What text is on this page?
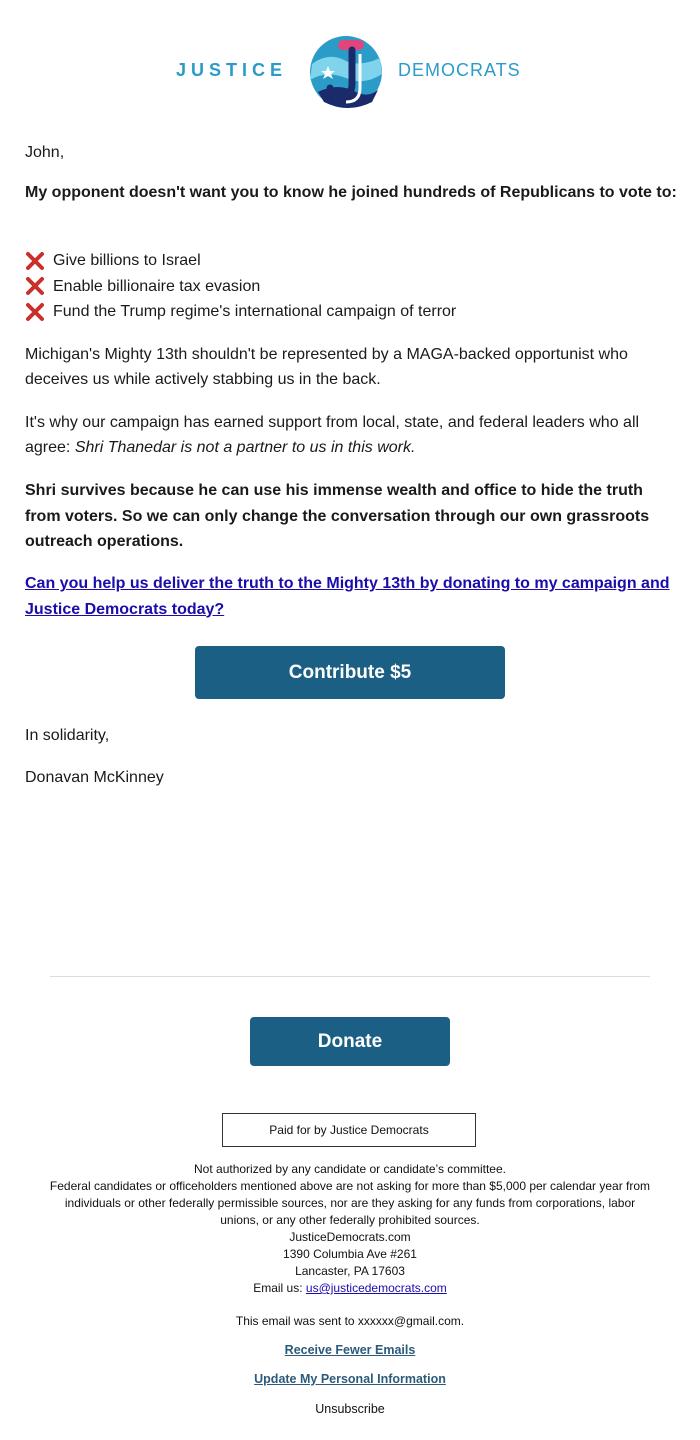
JUSTICE	DEMOCRATS

John,

My opponent doesn't want you to know he joined hundreds of Republicans to vote to:

Give billions to Israel
Enable billionaire tax evasion
Fund the Trump regime's international campaign of terror

Michigan's Mighty 13th shouldn't be represented by a MAGA-backed opportunist who deceives us while actively stabbing us in the back.

It's why our campaign has earned support from local, state, and federal leaders who all agree: Shri Thanedar is not a partner to us in this work.

Shri survives because he can use his immense wealth and office to hide the truth from voters. So we can only change the conversation through our own grassroots outreach operations.

Can you help us deliver the truth to the Mighty 13th by donating to my campaign and Justice Democrats today?

Contribute $5

In solidarity,

Donavan McKinney

Donate
Paid for by Justice Democrats
Not authorized by any candidate or candidate’s committee.
Federal candidates or officeholders mentioned above are not asking for more than $5,000 per calendar year from individuals or other federally permissible sources, nor are they asking for any funds from corporations, labor unions, or any other federally prohibited sources.
JusticeDemocrats.com
1390 Columbia Ave #261
Lancaster, PA 17603
Email us: us@justicedemocrats.com
This email was sent to xxxxxx@gmail.com.
Receive Fewer Emails
Update My Personal Information
Unsubscribe
